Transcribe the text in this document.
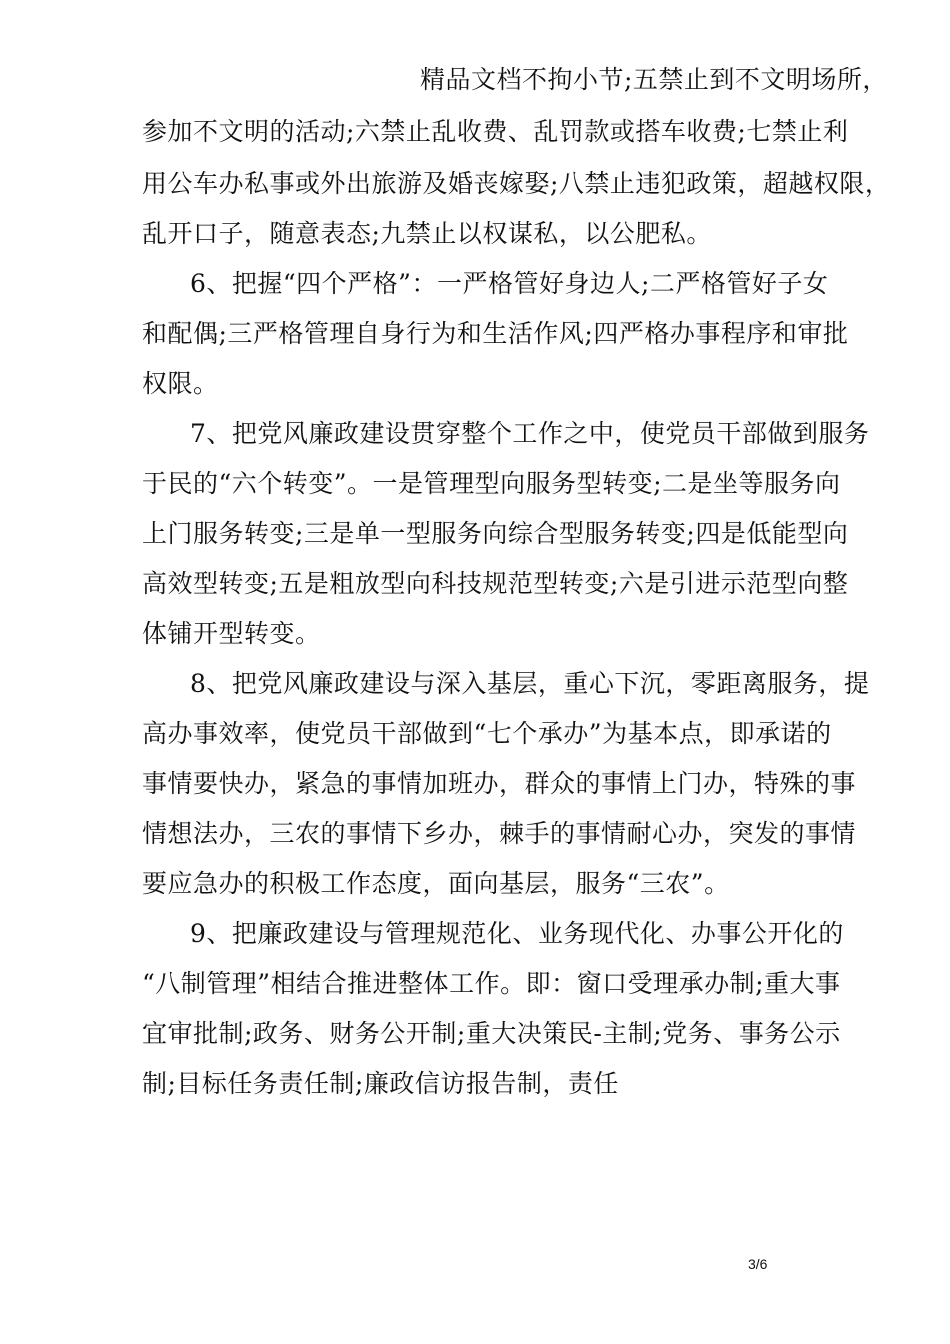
精品文档不拘小节;五禁止到不文明场所，
参加不文明的活动;六禁止乱收费、乱罚款或搭车收费;七禁止利
用公车办私事或外出旅游及婚丧嫁娶;八禁止违犯政策，超越权限，
乱开口子，随意表态;九禁止以权谋私，以公肥私。
6、把握“四个严格”：一严格管好身边人;二严格管好子女
和配偶;三严格管理自身行为和生活作风;四严格办事程序和审批
权限。
7、把党风廉政建设贯穿整个工作之中，使党员干部做到服务
于民的“六个转变”。一是管理型向服务型转变;二是坐等服务向
上门服务转变;三是单一型服务向综合型服务转变;四是低能型向
高效型转变;五是粗放型向科技规范型转变;六是引进示范型向整
体铺开型转变。
8、把党风廉政建设与深入基层，重心下沉，零距离服务，提
高办事效率，使党员干部做到“七个承办”为基本点，即承诺的
事情要快办，紧急的事情加班办，群众的事情上门办，特殊的事
情想法办，三农的事情下乡办，棘手的事情耐心办，突发的事情
要应急办的积极工作态度，面向基层，服务“三农”。
9、把廉政建设与管理规范化、业务现代化、办事公开化的
“八制管理”相结合推进整体工作。即：窗口受理承办制;重大事
宜审批制;政务、财务公开制;重大决策民-主制;党务、事务公示
制;目标任务责任制;廉政信访报告制，责任
3/6
